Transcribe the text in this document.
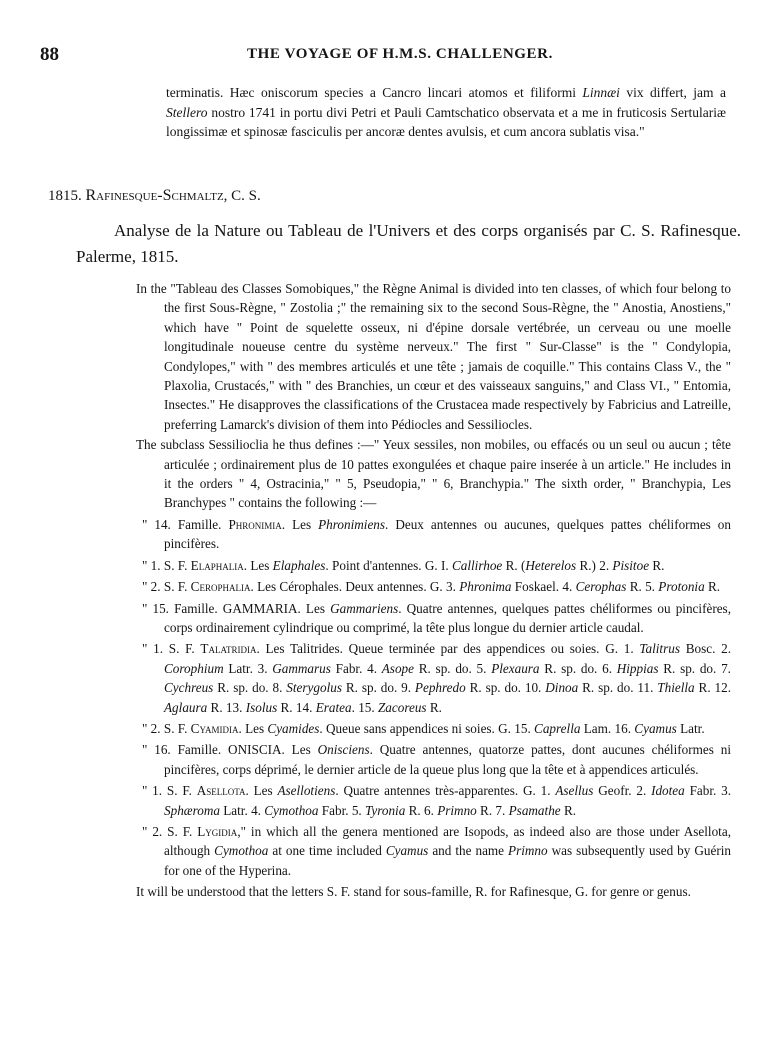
88	THE VOYAGE OF H.M.S. CHALLENGER.
terminatis. Hæc oniscorum species a Cancro lincari atomos et filiformi Linnæi vix differt, jam a Stellero nostro 1741 in portu divi Petri et Pauli Camtschatico observata et a me in fruticosis Sertulariæ longissimæ et spinosæ fasciculis per ancoræ dentes avulsis, et cum ancora sublatis visa."
1815. Rafinesque-Schmaltz, C. S.
Analyse de la Nature ou Tableau de l'Univers et des corps organisés par C. S. Rafinesque. Palerme, 1815.
In the "Tableau des Classes Somobiques," the Règne Animal is divided into ten classes, of which four belong to the first Sous-Règne, " Zostolia ;" the remaining six to the second Sous-Règne, the " Anostia, Anostiens," which have " Point de squelette osseux, ni d'épine dorsale vertébrée, un cerveau ou une moelle longitudinale noueuse centre du système nerveux." The first " Sur-Classe" is the " Condylopia, Condylopes," with " des membres articulés et une tête ; jamais de coquille." This contains Class V., the " Plaxolia, Crustacés," with " des Branchies, un cœur et des vaisseaux sanguins," and Class VI., " Entomia, Insectes." He disapproves the classifications of the Crustacea made respectively by Fabricius and Latreille, preferring Lamarck's division of them into Pédiocles and Sessiliocles.
The subclass Sessilioclia he thus defines :—" Yeux sessiles, non mobiles, ou effacés ou un seul ou aucun ; tête articulée ; ordinairement plus de 10 pattes exongulées et chaque paire inserée à un article." He includes in it the orders " 4, Ostracinia," " 5, Pseudopia," " 6, Branchypia." The sixth order, " Branchypia, Les Branchypes " contains the following :—
" 14. Famille. Phronimia. Les Phronimiens. Deux antennes ou aucunes, quelques pattes chéliformes on pincifères.
" 1. S. F. Elaphalia. Les Elaphales. Point d'antennes. G. I. Callirhoe R. (Heterelos R.) 2. Pisitoe R.
" 2. S. F. Cerophalia. Les Cérophales. Deux antennes. G. 3. Phronima Foskael. 4. Cerophas R. 5. Protonia R.
" 15. Famille. GAMMARIA. Les Gammariens. Quatre antennes, quelques pattes chéliformes ou pincifères, corps ordinairement cylindrique ou comprimé, la tête plus longue du dernier article caudal.
" 1. S. F. Talatridia. Les Talitrides. Queue terminée par des appendices ou soies. G. 1. Talitrus Bosc. 2. Corophium Latr. 3. Gammarus Fabr. 4. Asope R. sp. do. 5. Plexaura R. sp. do. 6. Hippias R. sp. do. 7. Cychreus R. sp. do. 8. Sterygolus R. sp. do. 9. Pephredo R. sp. do. 10. Dinoa R. sp. do. 11. Thiella R. 12. Aglaura R. 13. Isolus R. 14. Eratea. 15. Zacoreus R.
" 2. S. F. Cyamidia. Les Cyamides. Queue sans appendices ni soies. G. 15. Caprella Lam. 16. Cyamus Latr.
" 16. Famille. ONISCIA. Les Onisciens. Quatre antennes, quatorze pattes, dont aucunes chéliformes ni pincifères, corps déprimé, le dernier article de la queue plus long que la tête et à appendices articulés.
" 1. S. F. Asellota. Les Asellotiens. Quatre antennes très-apparentes. G. 1. Asellus Geofr. 2. Idotea Fabr. 3. Sphæroma Latr. 4. Cymothoa Fabr. 5. Tyronia R. 6. Primno R. 7. Psamathe R.
" 2. S. F. Lygidia," in which all the genera mentioned are Isopods, as indeed also are those under Asellota, although Cymothoa at one time included Cyamus and the name Primno was subsequently used by Guérin for one of the Hyperina.
It will be understood that the letters S. F. stand for sous-famille, R. for Rafinesque, G. for genre or genus.
